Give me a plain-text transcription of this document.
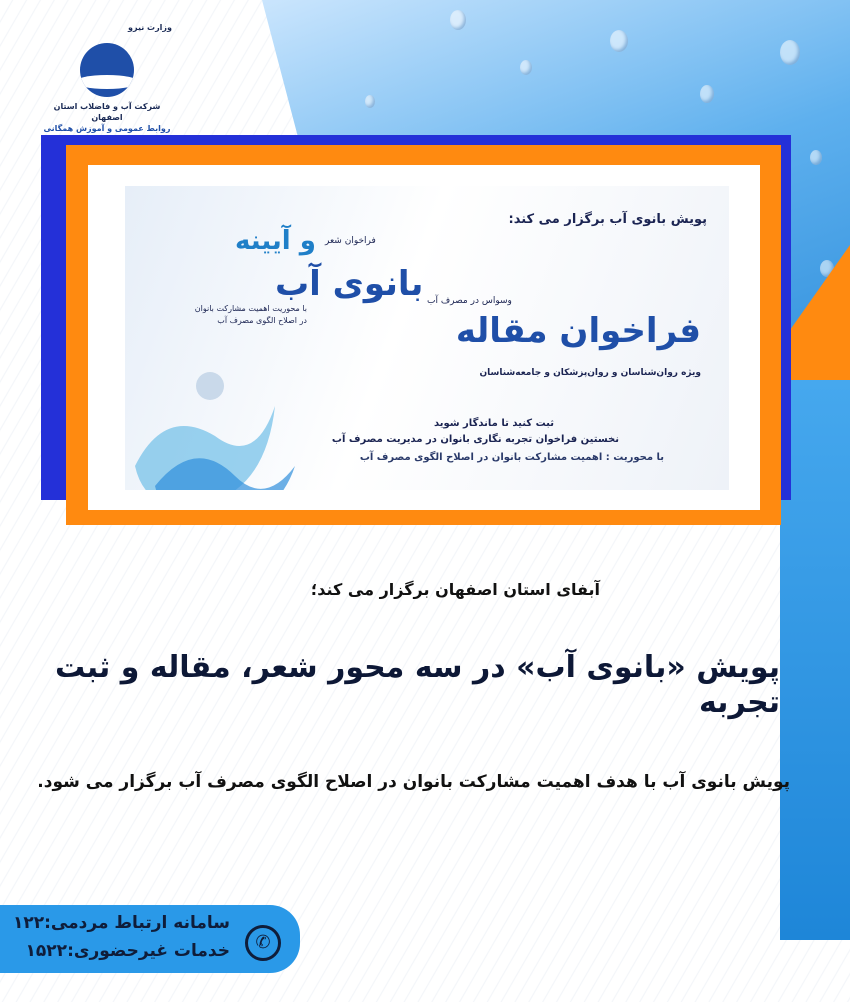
وزارت نیرو
شرکت آب و فاضلاب استان اصفهان
روابط عمومی و آموزش همگانی
پویش بانوی آب برگزار می کند:
فراخوان شعر
و آیینه
بانوی آب
با محوریت اهمیت مشارکت بانوان
در اصلاح الگوی مصرف آب
وسواس در مصرف آب
فراخوان مقاله
ویژه روان‌شناسان و روان‌پزشکان و جامعه‌شناسان
ثبت کنید تا ماندگار شوید
نخستین فراخوان تجربه نگاری بانوان در مدیریت مصرف آب
با محوریت : اهمیت مشارکت بانوان در اصلاح الگوی مصرف آب
آبفای استان اصفهان برگزار می کند؛
پویش «بانوی آب» در سه محور شعر، مقاله و ثبت تجربه
پویش بانوی آب با هدف اهمیت مشارکت بانوان در اصلاح الگوی مصرف آب برگزار می شود.
سامانه ارتباط مردمی:۱۲۲
خدمات غیرحضوری:۱۵۲۲	✆
